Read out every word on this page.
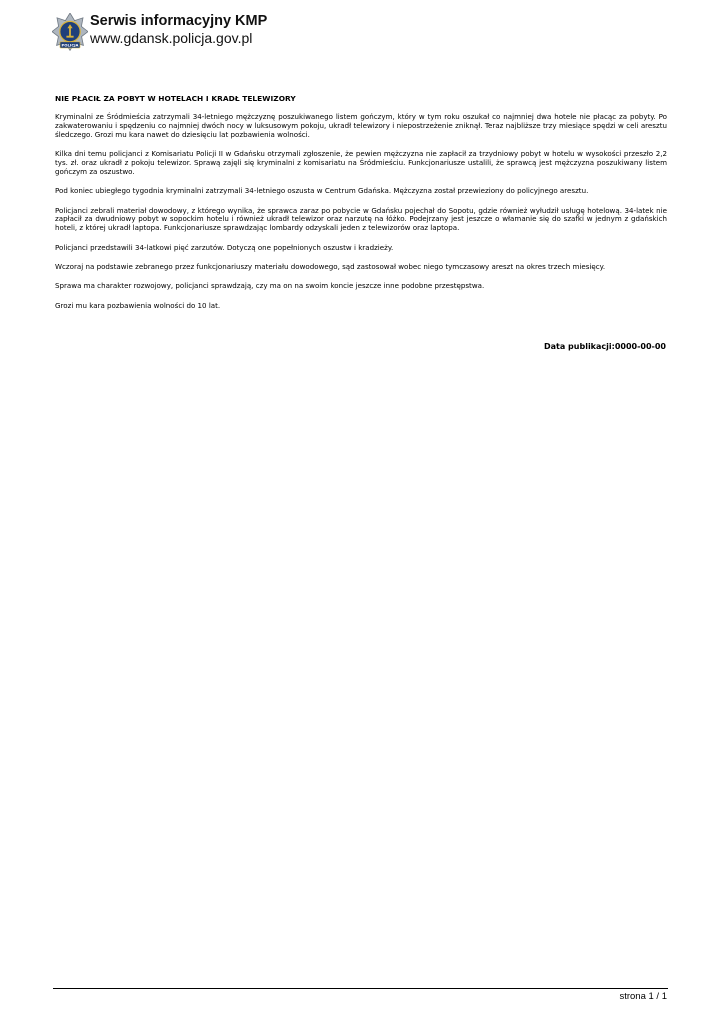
POLICJA
Serwis informacyjny KMP
www.gdansk.policja.gov.pl
NIE PŁACIŁ ZA POBYT W HOTELACH I KRADŁ TELEWIZORY

Kryminalni ze Śródmieścia zatrzymali 34-letniego mężczyznę poszukiwanego listem gończym, który w tym roku oszukał co najmniej dwa hotele nie płacąc za pobyty. Po zakwaterowaniu i spędzeniu co najmniej dwóch nocy w luksusowym pokoju, ukradł telewizory i niepostrzeżenie zniknął. Teraz najbliższe trzy miesiące spędzi w celi aresztu śledczego. Grozi mu kara nawet do dziesięciu lat pozbawienia wolności.

Kilka dni temu policjanci z Komisariatu Policji II w Gdańsku otrzymali zgłoszenie, że pewien mężczyzna nie zapłacił za trzydniowy pobyt w hotelu w wysokości przeszło 2,2 tys. zł. oraz ukradł z pokoju telewizor. Sprawą zajęli się kryminalni z komisariatu na Śródmieściu. Funkcjonariusze ustalili, że sprawcą jest mężczyzna poszukiwany listem gończym za oszustwo.

Pod koniec ubiegłego tygodnia kryminalni zatrzymali 34-letniego oszusta w Centrum Gdańska. Mężczyzna został przewieziony do policyjnego aresztu.

Policjanci zebrali materiał dowodowy, z którego wynika, że sprawca zaraz po pobycie w Gdańsku pojechał do Sopotu, gdzie również wyłudził usługę hotelową. 34-latek nie zapłacił za dwudniowy pobyt w sopockim hotelu i również ukradł telewizor oraz narzutę na łóżko. Podejrzany jest jeszcze o włamanie się do szafki w jednym z gdańskich hoteli, z której ukradł laptopa. Funkcjonariusze sprawdzając lombardy odzyskali jeden z telewizorów oraz laptopa.

Policjanci przedstawili 34-latkowi pięć zarzutów. Dotyczą one popełnionych oszustw i kradzieży.

Wczoraj na podstawie zebranego przez funkcjonariuszy materiału dowodowego, sąd zastosował wobec niego tymczasowy areszt na okres trzech miesięcy.

Sprawa ma charakter rozwojowy, policjanci sprawdzają, czy ma on na swoim koncie jeszcze inne podobne przestępstwa.

Grozi mu kara pozbawienia wolności do 10 lat.

Data publikacji:0000-00-00
strona 1 / 1
